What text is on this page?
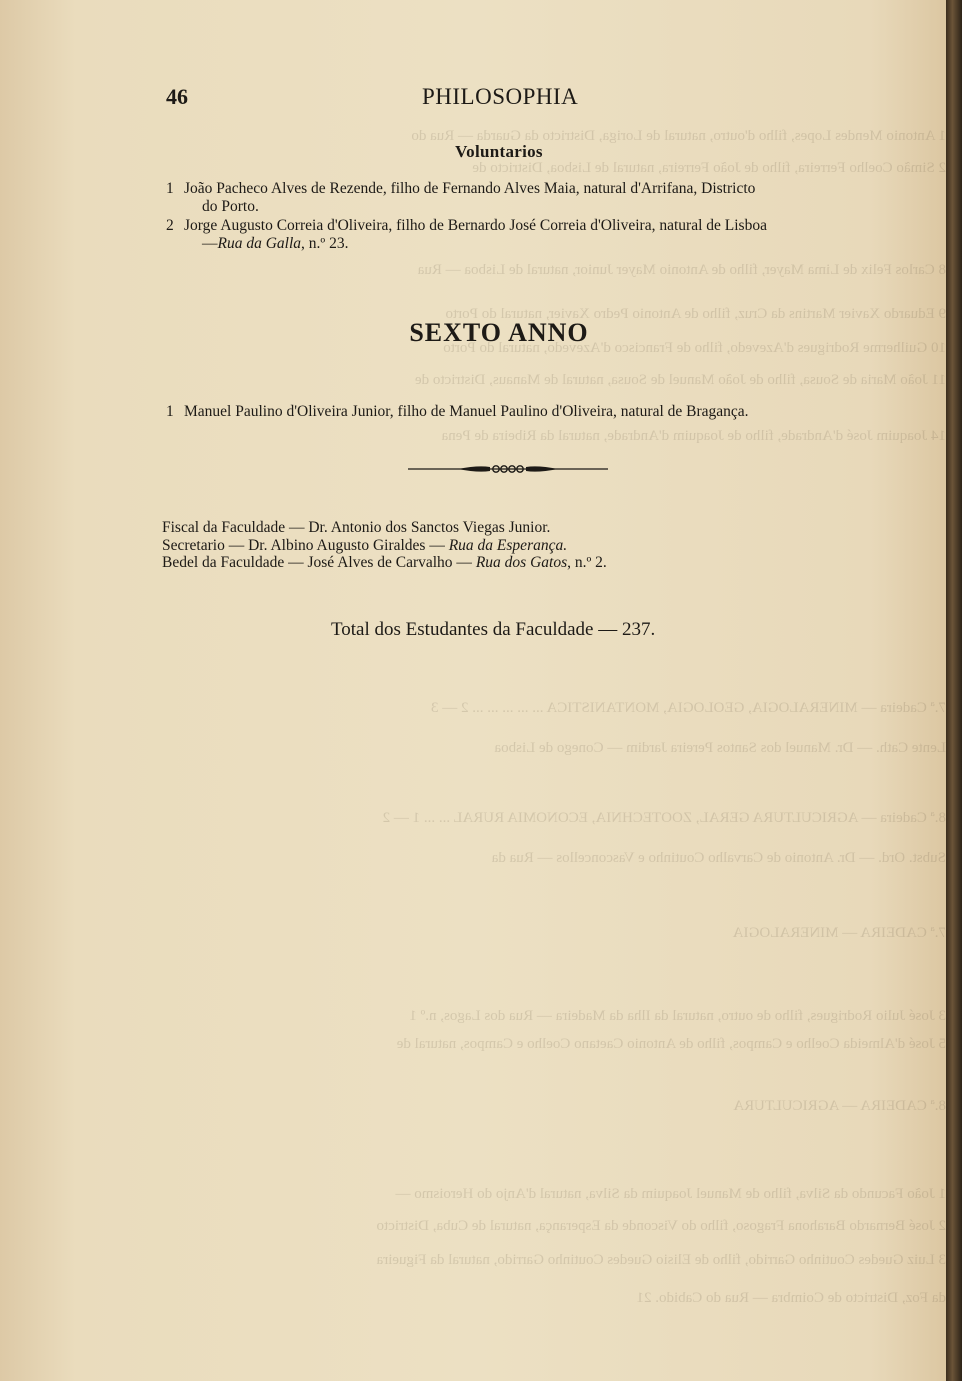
1 Antonio Mendes Lopes, filho d'outro, natural de Loriga, Districto da Guarda — Rua do
2 Simão Coelho Ferreira, filho de João Ferreira, natural de Lisboa, Districto de
8 Carlos Felix de Lima Mayer, filho de Antonio Mayer Junior, natural de Lisboa — Rua
9 Eduardo Xavier Martins da Cruz, filho de Antonio Pedro Xavier, natural do Porto
10 Guilherme Rodrigues d'Azevedo, filho de Francisco d'Azevedo, natural do Porto
11 João Maria de Sousa, filho de João Manuel de Sousa, natural de Manaus, Districto de
14 Joaquim José d'Andrade, filho de Joaquim d'Andrade, natural da Ribeira de Pena
7.ª Cadeira — MINERALOGIA, GEOLOGIA, MONTANISTICA ... ... ... ... ... 2 — 3
Lente Cath. — Dr. Manuel dos Santos Pereira Jardim — Conego de Lisboa
8.ª Cadeira — AGRICULTURA GERAL, ZOOTECHNIA, ECONOMIA RURAL ... ... 1 — 2
Subst. Ord. — Dr. Antonio de Carvalho Coutinho e Vasconcellos — Rua da
7.ª CADEIRA — MINERALOGIA
3 José Julio Rodrigues, filho de outro, natural da Ilha da Madeira — Rua dos Lagos, n.º 1
5 José d'Almeida Coelho e Campos, filho de Antonio Caetano Coelho e Campos, natural de
8.ª CADEIRA — AGRICULTURA
1 João Facundo da Silva, filho de Manuel Joaquim da Silva, natural d'Anjo do Heroismo —
2 José Bernardo Barahona Fragoso, filho do Visconde da Esperança, natural de Cuba, Districto
3 Luiz Guedes Coutinho Garrido, filho de Elisio Guedes Coutinho Garrido, natural da Figueira
da Foz, Districto de Coimbra — Rua do Cabido. 21
46	PHILOSOPHIA
Voluntarios
1 João Pacheco Alves de Rezende, filho de Fernando Alves Maia, natural d'Arrifana, Districto
do Porto.
2 Jorge Augusto Correia d'Oliveira, filho de Bernardo José Correia d'Oliveira, natural de Lisboa
—Rua da Galla, n.º 23.
SEXTO ANNO
1 Manuel Paulino d'Oliveira Junior, filho de Manuel Paulino d'Oliveira, natural de Bragança.
Fiscal da Faculdade — Dr. Antonio dos Sanctos Viegas Junior.
Secretario — Dr. Albino Augusto Giraldes — Rua da Esperança.
Bedel da Faculdade — José Alves de Carvalho — Rua dos Gatos, n.º 2.
Total dos Estudantes da Faculdade — 237.
